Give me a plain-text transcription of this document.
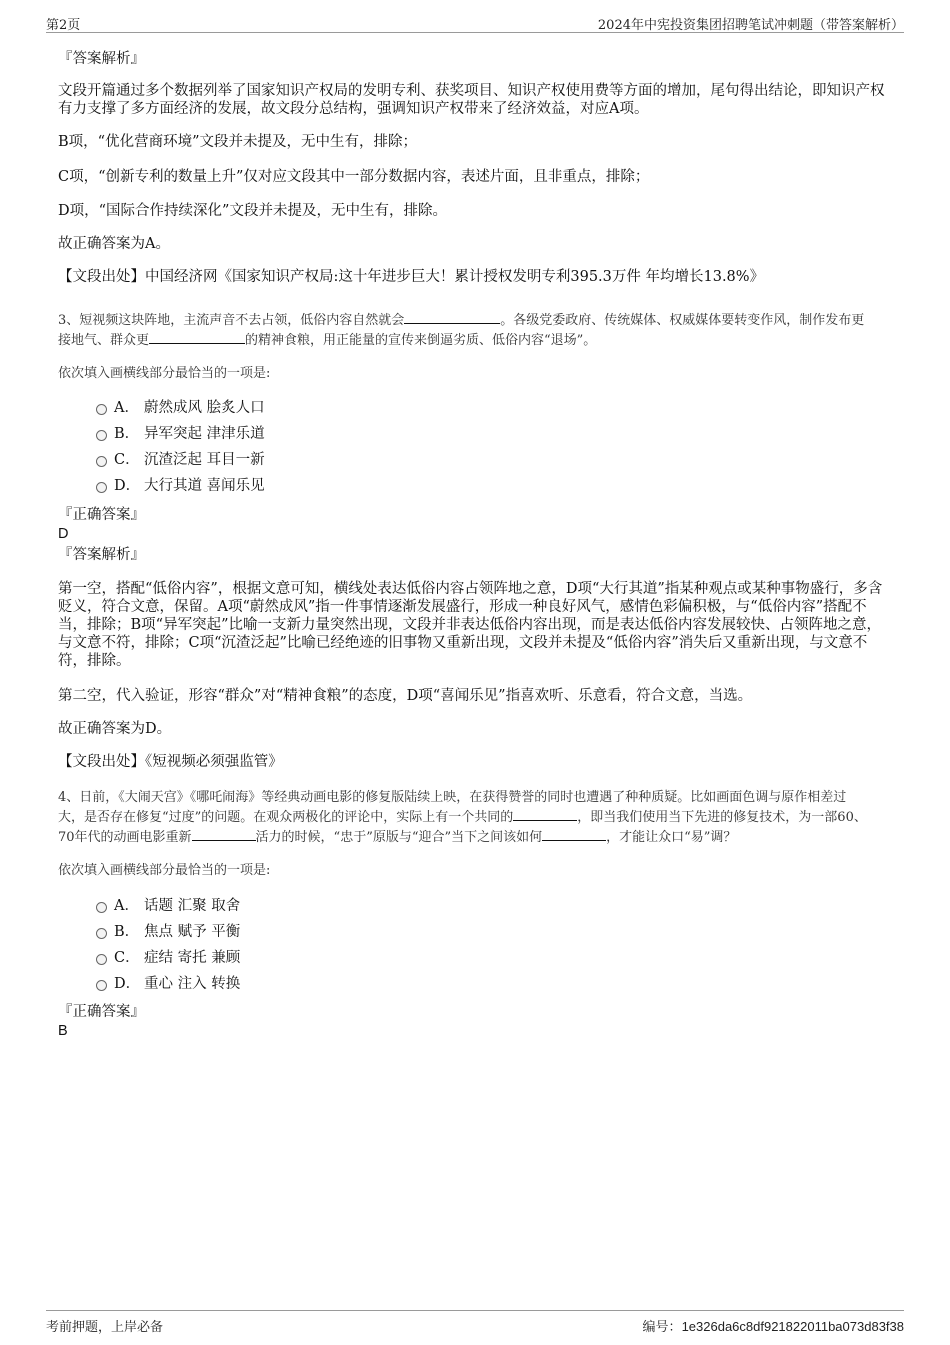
第2页	2024年中宪投资集团招聘笔试冲刺题（带答案解析）
『答案解析』
文段开篇通过多个数据列举了国家知识产权局的发明专利、获奖项目、知识产权使用费等方面的增加，尾句得出结论，即知识产权有力支撑了多方面经济的发展，故文段分总结构，强调知识产权带来了经济效益，对应A项。
B项，“优化营商环境”文段并未提及，无中生有，排除；
C项，“创新专利的数量上升”仅对应文段其中一部分数据内容，表述片面，且非重点，排除；
D项，“国际合作持续深化”文段并未提及，无中生有，排除。
故正确答案为A。
【文段出处】中国经济网《国家知识产权局:这十年进步巨大！累计授权发明专利395.3万件 年均增长13.8%》
3、短视频这块阵地，主流声音不去占领，低俗内容自然就会	。各级党委政府、传统媒体、权威媒体要转变作风，制作发布更
接地气、群众更	的精神食粮，用正能量的宣传来倒逼劣质、低俗内容“退场”。
依次填入画横线部分最恰当的一项是:
A． 蔚然成风 脍炙人口
B． 异军突起 津津乐道
C． 沉渣泛起 耳目一新
D． 大行其道 喜闻乐见
『正确答案』
D
『答案解析』
第一空，搭配“低俗内容”，根据文意可知，横线处表达低俗内容占领阵地之意，D项“大行其道”指某种观点或某种事物盛行，多含贬义，符合文意，保留。A项“蔚然成风”指一件事情逐渐发展盛行，形成一种良好风气，感情色彩偏积极，与“低俗内容”搭配不当，排除；B项“异军突起”比喻一支新力量突然出现，文段并非表达低俗内容出现，而是表达低俗内容发展较快、占领阵地之意，与文意不符，排除；C项“沉渣泛起”比喻已经绝迹的旧事物又重新出现，文段并未提及“低俗内容”消失后又重新出现，与文意不符，排除。
第二空，代入验证，形容“群众”对“精神食粮”的态度，D项“喜闻乐见”指喜欢听、乐意看，符合文意，当选。
故正确答案为D。
【文段出处】《短视频必须强监管》
4、日前，《大闹天宫》《哪吒闹海》等经典动画电影的修复版陆续上映，在获得赞誉的同时也遭遇了种种质疑。比如画面色调与原作相差过
大，是否存在修复“过度”的问题。在观众两极化的评论中，实际上有一个共同的	，即当我们使用当下先进的修复技术，为一部60、
70年代的动画电影重新	活力的时候，“忠于”原版与“迎合”当下之间该如何	，才能让众口“易”调？
依次填入画横线部分最恰当的一项是:
A． 话题 汇聚 取舍
B． 焦点 赋予 平衡
C． 症结 寄托 兼顾
D． 重心 注入 转换
『正确答案』
B
考前押题，上岸必备	编号：1e326da6c8df921822011ba073d83f38
